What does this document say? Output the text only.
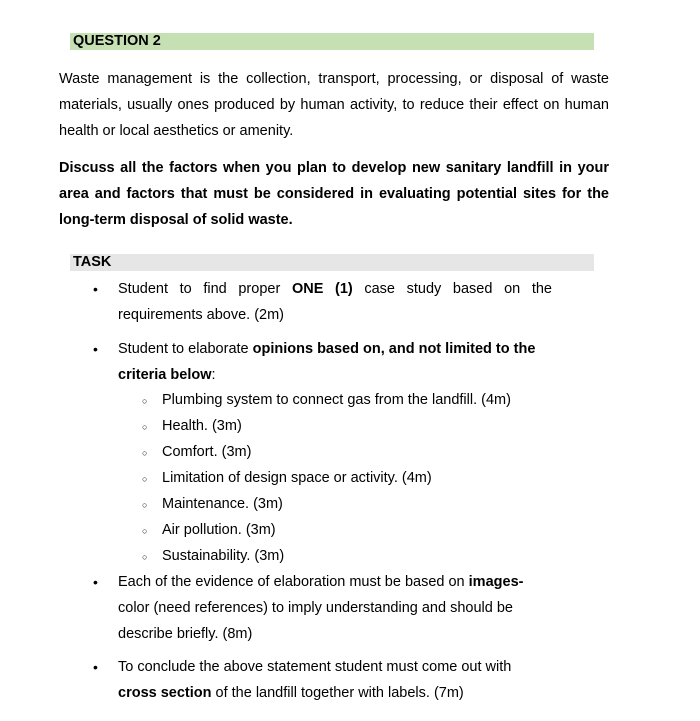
QUESTION 2

Waste management is the collection, transport, processing, or disposal of waste materials, usually ones produced by human activity, to reduce their effect on human health or local aesthetics or amenity.

Discuss all the factors when you plan to develop new sanitary landfill in your area and factors that must be considered in evaluating potential sites for the long-term disposal of solid waste.

TASK
•	Student to find proper ONE (1) case study based on the requirements above. (2m)

•	Student to elaborate opinions based on, and not limited to the criteria below:

○ Plumbing system to connect gas from the landfill. (4m)

○ Health. (3m)

○ Comfort. (3m)

○ Limitation of design space or activity. (4m)

○ Maintenance. (3m)

○ Air pollution. (3m)

○ Sustainability. (3m)

•	Each of the evidence of elaboration must be based on images-color (need references) to imply understanding and should be describe briefly. (8m)

•	To conclude the above statement student must come out with cross section of the landfill together with labels. (7m)
